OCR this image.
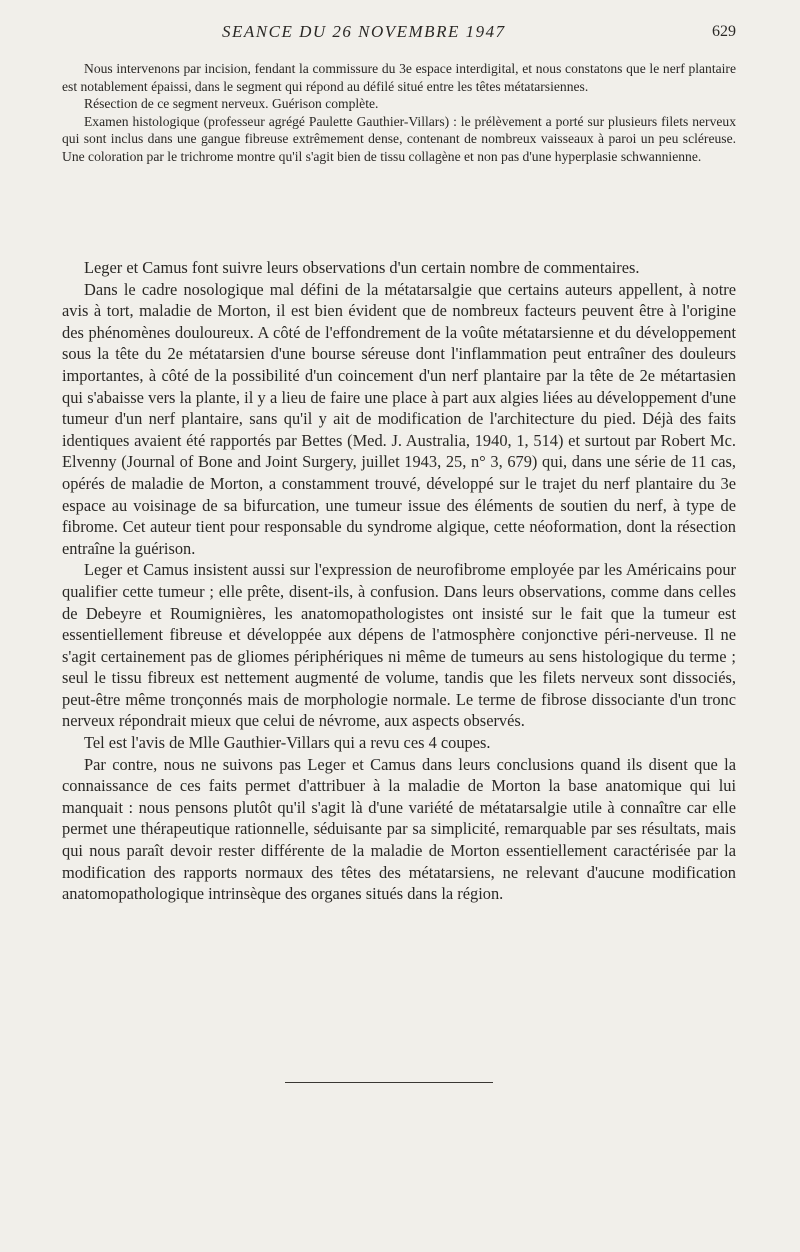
SEANCE DU 26 NOVEMBRE 1947	629

Nous intervenons par incision, fendant la commissure du 3e espace interdigital, et nous constatons que le nerf plantaire est notablement épaissi, dans le segment qui répond au défilé situé entre les têtes métatarsiennes.

Résection de ce segment nerveux. Guérison complète.

Examen histologique (professeur agrégé Paulette Gauthier-Villars) : le prélèvement a porté sur plusieurs filets nerveux qui sont inclus dans une gangue fibreuse extrêmement dense, contenant de nombreux vaisseaux à paroi un peu scléreuse. Une coloration par le trichrome montre qu'il s'agit bien de tissu collagène et non pas d'une hyperplasie schwannienne.

Leger et Camus font suivre leurs observations d'un certain nombre de commentaires.

Dans le cadre nosologique mal défini de la métatarsalgie que certains auteurs appellent, à notre avis à tort, maladie de Morton, il est bien évident que de nombreux facteurs peuvent être à l'origine des phénomènes douloureux. A côté de l'effondrement de la voûte métatarsienne et du développement sous la tête du 2e métatarsien d'une bourse séreuse dont l'inflammation peut entraîner des douleurs importantes, à côté de la possibilité d'un coincement d'un nerf plantaire par la tête de 2e métartasien qui s'abaisse vers la plante, il y a lieu de faire une place à part aux algies liées au développement d'une tumeur d'un nerf plantaire, sans qu'il y ait de modification de l'architecture du pied. Déjà des faits identiques avaient été rapportés par Bettes (Med. J. Australia, 1940, 1, 514) et surtout par Robert Mc. Elvenny (Journal of Bone and Joint Surgery, juillet 1943, 25, n° 3, 679) qui, dans une série de 11 cas, opérés de maladie de Morton, a constamment trouvé, développé sur le trajet du nerf plantaire du 3e espace au voisinage de sa bifurcation, une tumeur issue des éléments de soutien du nerf, à type de fibrome. Cet auteur tient pour responsable du syndrome algique, cette néoformation, dont la résection entraîne la guérison.

Leger et Camus insistent aussi sur l'expression de neurofibrome employée par les Américains pour qualifier cette tumeur ; elle prête, disent-ils, à confusion. Dans leurs observations, comme dans celles de Debeyre et Roumignières, les anatomopathologistes ont insisté sur le fait que la tumeur est essentiellement fibreuse et développée aux dépens de l'atmosphère conjonctive péri-nerveuse. Il ne s'agit certainement pas de gliomes périphériques ni même de tumeurs au sens histologique du terme ; seul le tissu fibreux est nettement augmenté de volume, tandis que les filets nerveux sont dissociés, peut-être même tronçonnés mais de morphologie normale. Le terme de fibrose dissociante d'un tronc nerveux répondrait mieux que celui de névrome, aux aspects observés.

Tel est l'avis de Mlle Gauthier-Villars qui a revu ces 4 coupes.

Par contre, nous ne suivons pas Leger et Camus dans leurs conclusions quand ils disent que la connaissance de ces faits permet d'attribuer à la maladie de Morton la base anatomique qui lui manquait : nous pensons plutôt qu'il s'agit là d'une variété de métatarsalgie utile à connaître car elle permet une thérapeutique rationnelle, séduisante par sa simplicité, remarquable par ses résultats, mais qui nous paraît devoir rester différente de la maladie de Morton essentiellement caractérisée par la modification des rapports normaux des têtes des métatarsiens, ne relevant d'aucune modification anatomopathologique intrinsèque des organes situés dans la région.
